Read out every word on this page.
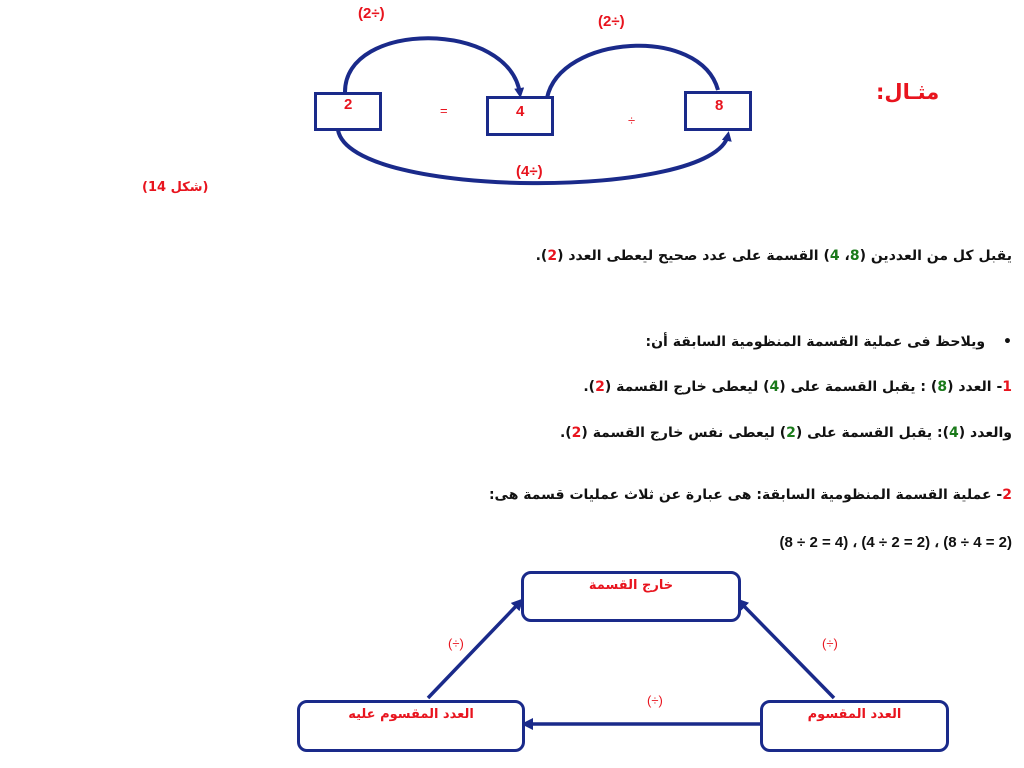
(2÷)	(2÷)
(4÷)
2	4	8
=
÷
مثـال:
(شكل 14)
يقبل كل من العددين (8، 4) القسمة على عدد صحيح ليعطى العدد (2).
•ويلاحظ فى عملية القسمة المنظومية السابقة أن:
1- العدد (8) : يقبل القسمة على (4) ليعطى خارج القسمة (2).
والعدد (4): يقبل القسمة على (2) ليعطى نفس خارج القسمة (2).
2- عملية القسمة المنظومية السابقة: هى عبارة عن ثلاث عمليات قسمة هى:
(8 ÷ 2 = 4) ، (4 ÷ 2 = 2) ، (8 ÷ 4 = 2)
خارج القسمة
العدد المقسوم عليه	العدد المقسوم
(÷)	(÷)
(÷)
